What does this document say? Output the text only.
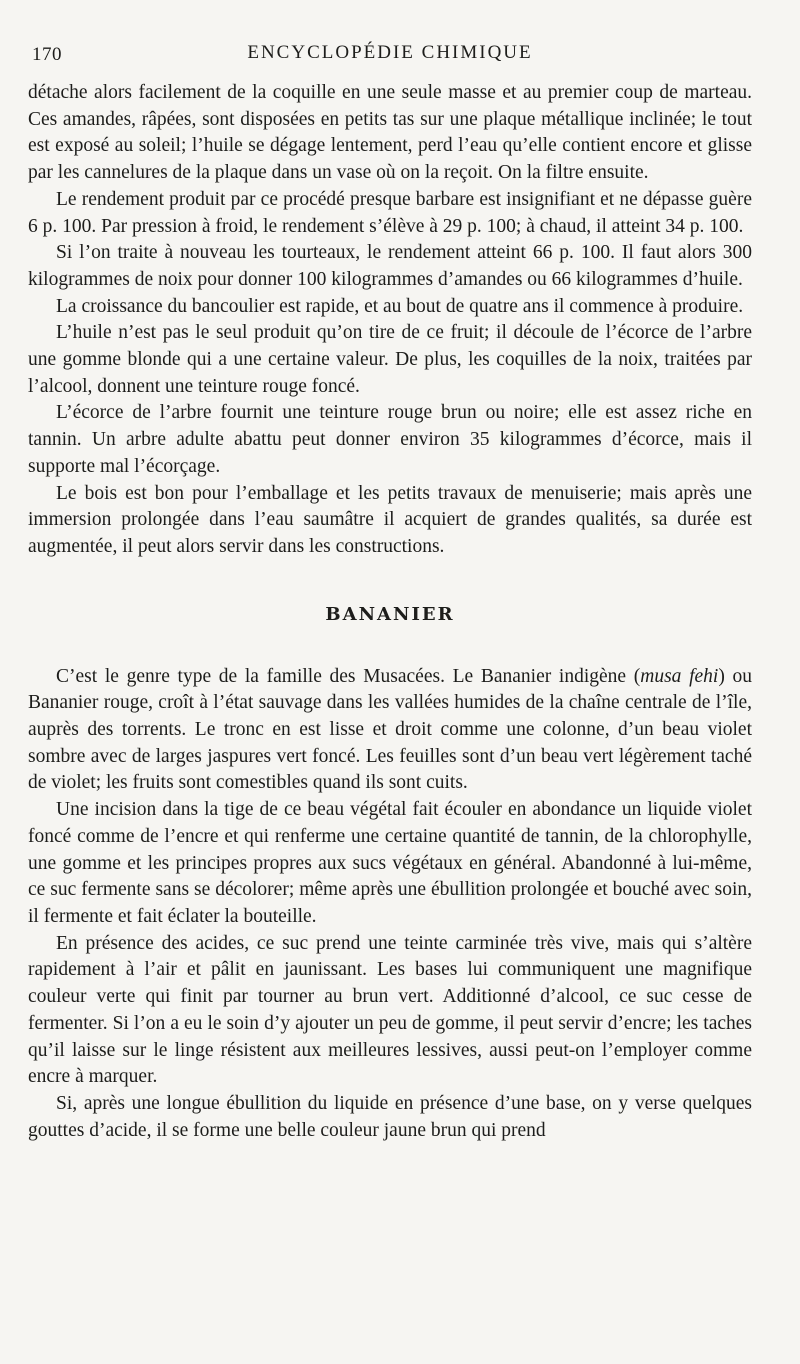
170	ENCYCLOPÉDIE CHIMIQUE

détache alors facilement de la coquille en une seule masse et au premier coup de marteau. Ces amandes, râpées, sont disposées en petits tas sur une plaque métallique inclinée; le tout est exposé au soleil; l’huile se dégage lentement, perd l’eau qu’elle contient encore et glisse par les cannelures de la plaque dans un vase où on la reçoit. On la filtre ensuite.

Le rendement produit par ce procédé presque barbare est insignifiant et ne dépasse guère 6 p. 100. Par pression à froid, le rendement s’élève à 29 p. 100; à chaud, il atteint 34 p. 100.

Si l’on traite à nouveau les tourteaux, le rendement atteint 66 p. 100. Il faut alors 300 kilogrammes de noix pour donner 100 kilogrammes d’amandes ou 66 kilogrammes d’huile.

La croissance du bancoulier est rapide, et au bout de quatre ans il commence à produire.

L’huile n’est pas le seul produit qu’on tire de ce fruit; il découle de l’écorce de l’arbre une gomme blonde qui a une certaine valeur. De plus, les coquilles de la noix, traitées par l’alcool, donnent une teinture rouge foncé.

L’écorce de l’arbre fournit une teinture rouge brun ou noire; elle est assez riche en tannin. Un arbre adulte abattu peut donner environ 35 kilogrammes d’écorce, mais il supporte mal l’écorçage.

Le bois est bon pour l’emballage et les petits travaux de menuiserie; mais après une immersion prolongée dans l’eau saumâtre il acquiert de grandes qualités, sa durée est augmentée, il peut alors servir dans les constructions.

BANANIER

C’est le genre type de la famille des Musacées. Le Bananier indigène (musa fehi) ou Bananier rouge, croît à l’état sauvage dans les vallées humides de la chaîne centrale de l’île, auprès des torrents. Le tronc en est lisse et droit comme une colonne, d’un beau violet sombre avec de larges jaspures vert foncé. Les feuilles sont d’un beau vert légèrement taché de violet; les fruits sont comestibles quand ils sont cuits.

Une incision dans la tige de ce beau végétal fait écouler en abondance un liquide violet foncé comme de l’encre et qui renferme une certaine quantité de tannin, de la chlorophylle, une gomme et les principes propres aux sucs végétaux en général. Abandonné à lui-même, ce suc fermente sans se décolorer; même après une ébullition prolongée et bouché avec soin, il fermente et fait éclater la bouteille.

En présence des acides, ce suc prend une teinte carminée très vive, mais qui s’altère rapidement à l’air et pâlit en jaunissant. Les bases lui communiquent une magnifique couleur verte qui finit par tourner au brun vert. Additionné d’alcool, ce suc cesse de fermenter. Si l’on a eu le soin d’y ajouter un peu de gomme, il peut servir d’encre; les taches qu’il laisse sur le linge résistent aux meilleures lessives, aussi peut-on l’employer comme encre à marquer.

Si, après une longue ébullition du liquide en présence d’une base, on y verse quelques gouttes d’acide, il se forme une belle couleur jaune brun qui prend
